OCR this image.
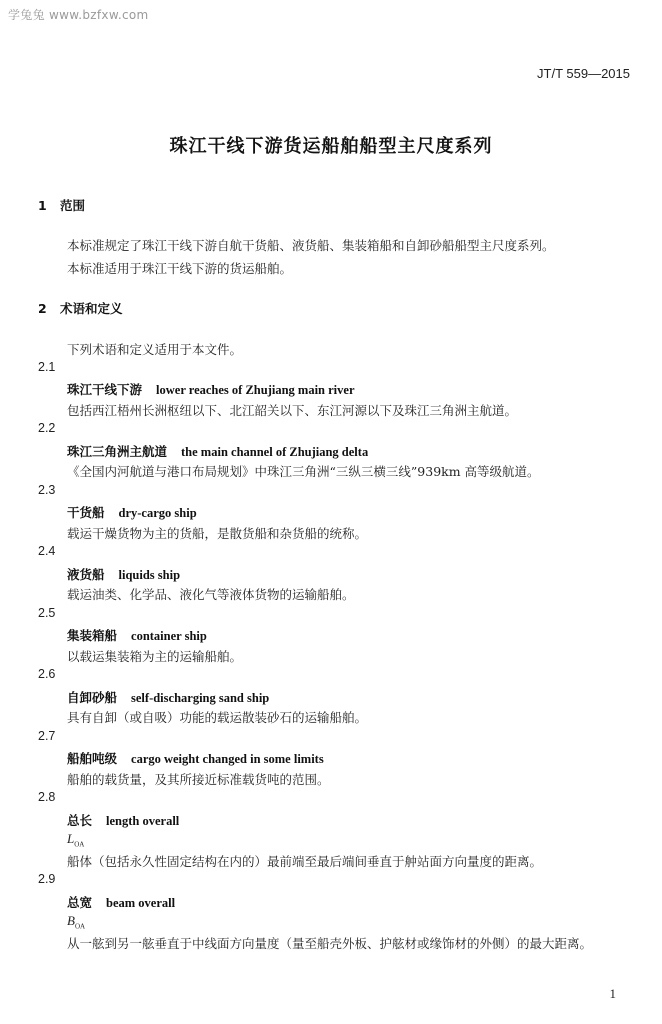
学兔兔 www.bzfxw.com
JT/T 559—2015
珠江干线下游货运船舶船型主尺度系列
1 范围
本标准规定了珠江干线下游自航干货船、液货船、集装箱船和自卸砂船船型主尺度系列。
本标准适用于珠江干线下游的货运船舶。
2 术语和定义
下列术语和定义适用于本文件。
2.1
珠江干线下游 lower reaches of Zhujiang main river
包括西江梧州长洲枢纽以下、北江韶关以下、东江河源以下及珠江三角洲主航道。
2.2
珠江三角洲主航道 the main channel of Zhujiang delta
《全国内河航道与港口布局规划》中珠江三角洲“三纵三横三线”939km 高等级航道。
2.3
干货船 dry-cargo ship
载运干燥货物为主的货船，是散货船和杂货船的统称。
2.4
液货船 liquids ship
载运油类、化学品、液化气等液体货物的运输船舶。
2.5
集装箱船 container ship
以载运集装箱为主的运输船舶。
2.6
自卸砂船 self-discharging sand ship
具有自卸（或自吸）功能的载运散装砂石的运输船舶。
2.7
船舶吨级 cargo weight changed in some limits
船舶的载货量，及其所接近标准载货吨的范围。
2.8
总长 length overall
$L_{OA}$
船体（包括永久性固定结构在内的）最前端至最后端间垂直于舯站面方向量度的距离。
2.9
总宽 beam overall
$B_{OA}$
从一舷到另一舷垂直于中线面方向量度（量至船壳外板、护舷材或缘饰材的外侧）的最大距离。
1
